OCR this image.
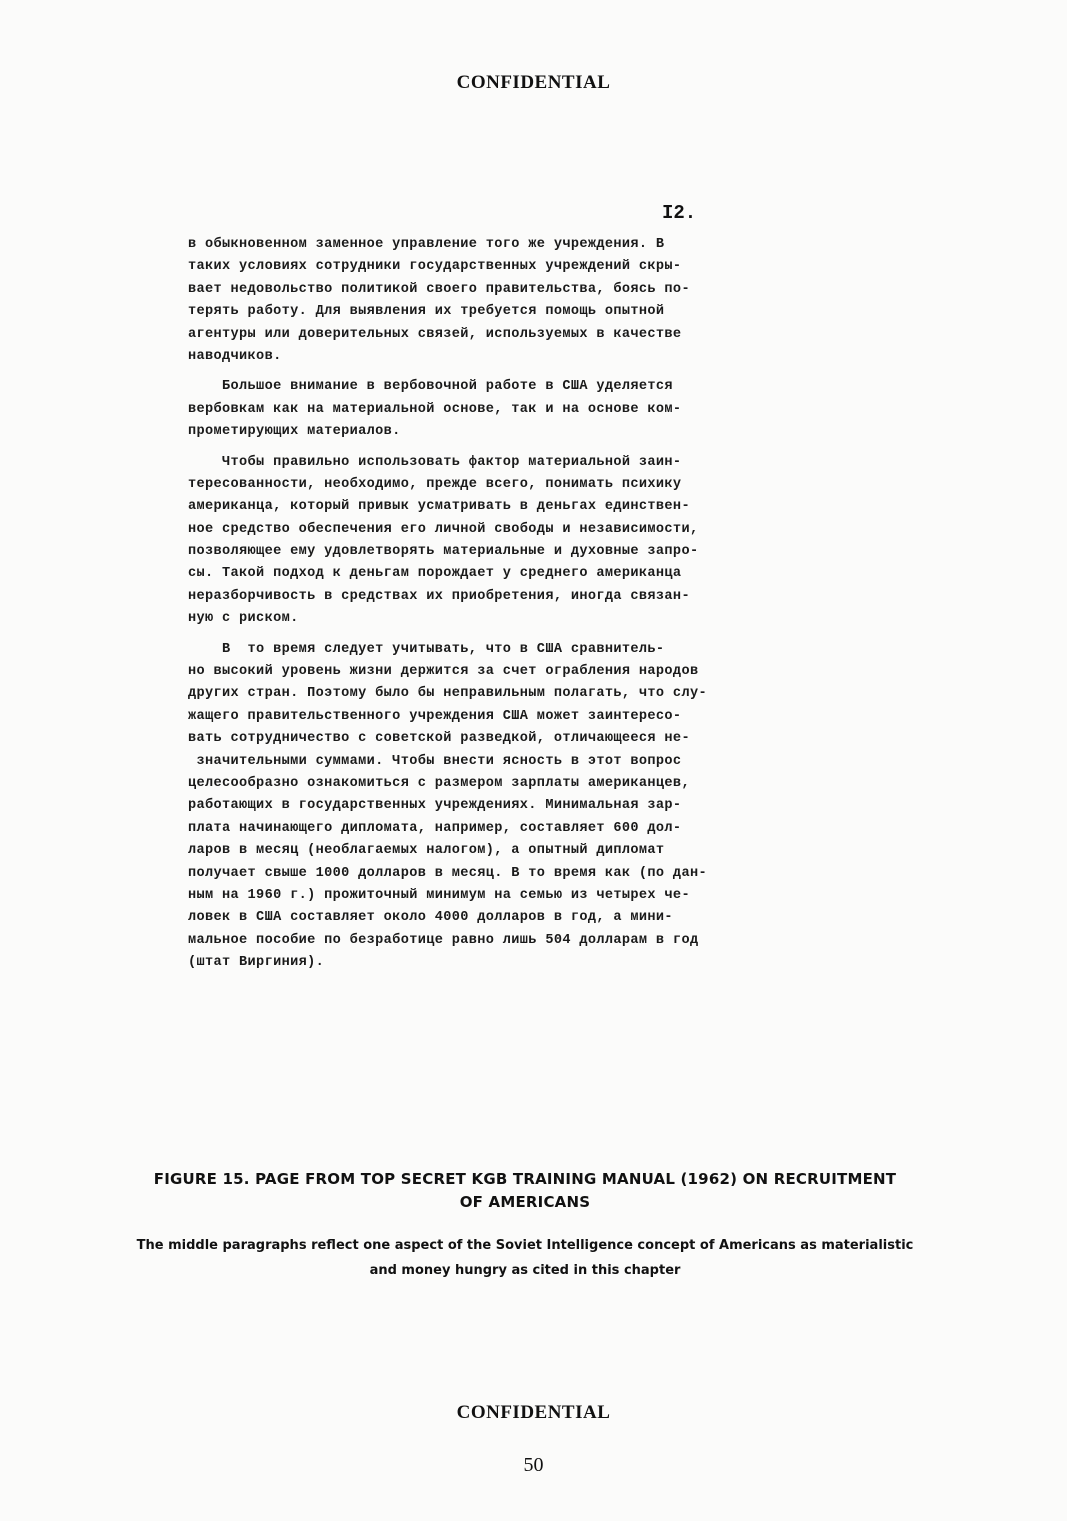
CONFIDENTIAL
I2.
в обыкновенном заменное управление того же учреждения. В
таких условиях сотрудники государственных учреждений скры-
вает недовольство политикой своего правительства, боясь по-
терять работу. Для выявления их требуется помощь опытной
агентуры или доверительных связей, используемых в качестве
наводчиков.
Большое внимание в вербовочной работе в США уделяется
вербовкам как на материальной основе, так и на основе ком-
прометирующих материалов.
Чтобы правильно использовать фактор материальной заин-
тересованности, необходимо, прежде всего, понимать психику
американца, который привык усматривать в деньгах единствен-
ное средство обеспечения его личной свободы и независимости,
позволяющее ему удовлетворять материальные и духовные запро-
сы. Такой подход к деньгам порождает у среднего американца
неразборчивость в средствах их приобретения, иногда связан-
ную с риском.
В  то время следует учитывать, что в США сравнитель-
но высокий уровень жизни держится за счет ограбления народов
других стран. Поэтому было бы неправильным полагать, что слу-
жащего правительственного учреждения США может заинтересо-
вать сотрудничество с советской разведкой, отличающееся не-
значительными суммами. Чтобы внести ясность в этот вопрос
целесообразно ознакомиться с размером зарплаты американцев,
работающих в государственных учреждениях. Минимальная зар-
плата начинающего дипломата, например, составляет 600 дол-
ларов в месяц (необлагаемых налогом), а опытный дипломат
получает свыше 1000 долларов в месяц. В то время как (по дан-
ным на 1960 г.) прожиточный минимум на семью из четырех че-
ловек в США составляет около 4000 долларов в год, а мини-
мальное пособие по безработице равно лишь 504 долларам в год
(штат Виргиния).
FIGURE 15. PAGE FROM TOP SECRET KGB TRAINING MANUAL (1962) ON RECRUITMENT OF AMERICANS
The middle paragraphs reflect one aspect of the Soviet Intelligence concept of Americans as materialistic and money hungry as cited in this chapter
CONFIDENTIAL
50
